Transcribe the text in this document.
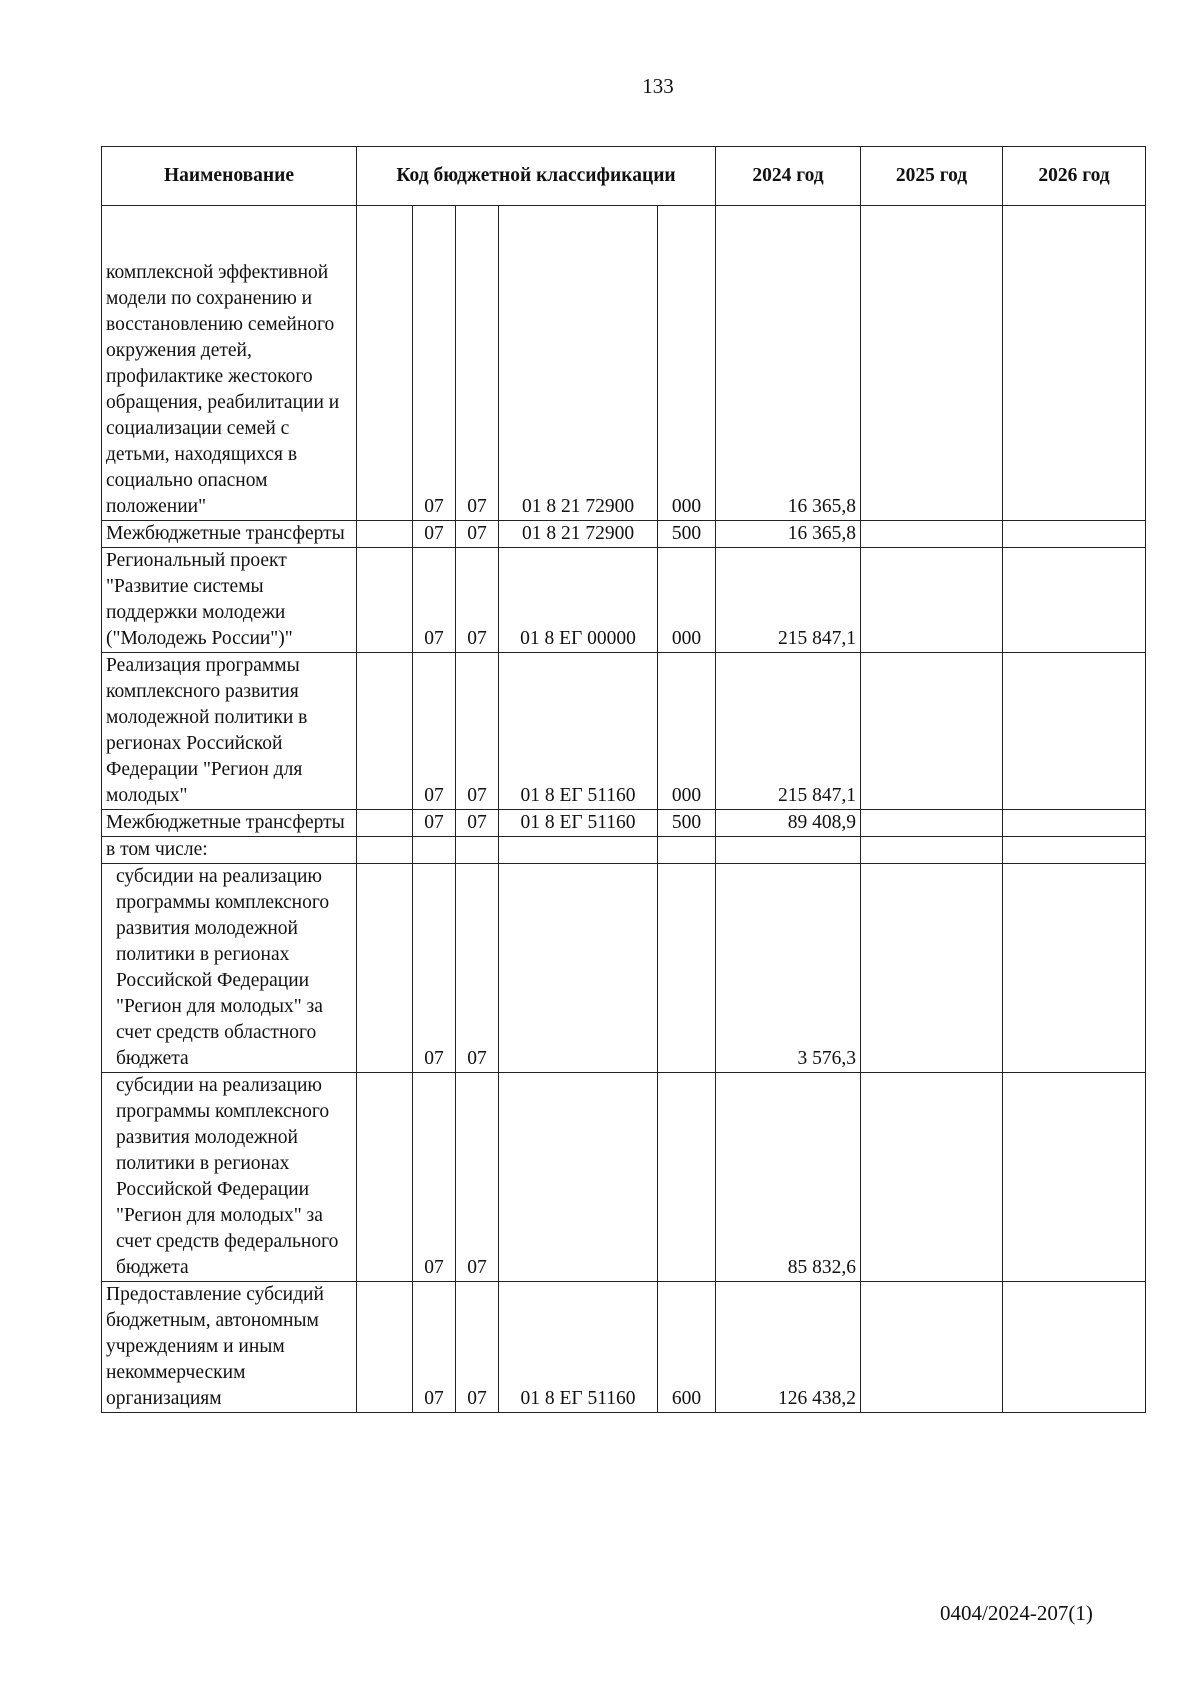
133
Наименование	Код бюджетной классификации					2024 год	2025 год	2026 год
комплексной эффективной модели по сохранению и восстановлению семейного окружения детей, профилактике жестокого обращения, реабилитации и социализации семей с детьми, находящихся в социально опасном положении"		07	07	01 8 21 72900	000	16 365,8		
Межбюджетные трансферты		07	07	01 8 21 72900	500	16 365,8		
Региональный проект "Развитие системы поддержки молодежи ("Молодежь России")"		07	07	01 8 ЕГ 00000	000	215 847,1		
Реализация программы комплексного развития молодежной политики в регионах Российской Федерации "Регион для молодых"		07	07	01 8 ЕГ 51160	000	215 847,1		
Межбюджетные трансферты		07	07	01 8 ЕГ 51160	500	89 408,9		
в том числе:								
субсидии на реализацию программы комплексного развития молодежной политики в регионах Российской Федерации "Регион для молодых" за счет средств областного бюджета		07	07			3 576,3		
субсидии на реализацию программы комплексного развития молодежной политики в регионах Российской Федерации "Регион для молодых" за счет средств федерального бюджета		07	07			85 832,6		
Предоставление субсидий бюджетным, автономным учреждениям и иным некоммерческим организациям		07	07	01 8 ЕГ 51160	600	126 438,2		
0404/2024-207(1)
